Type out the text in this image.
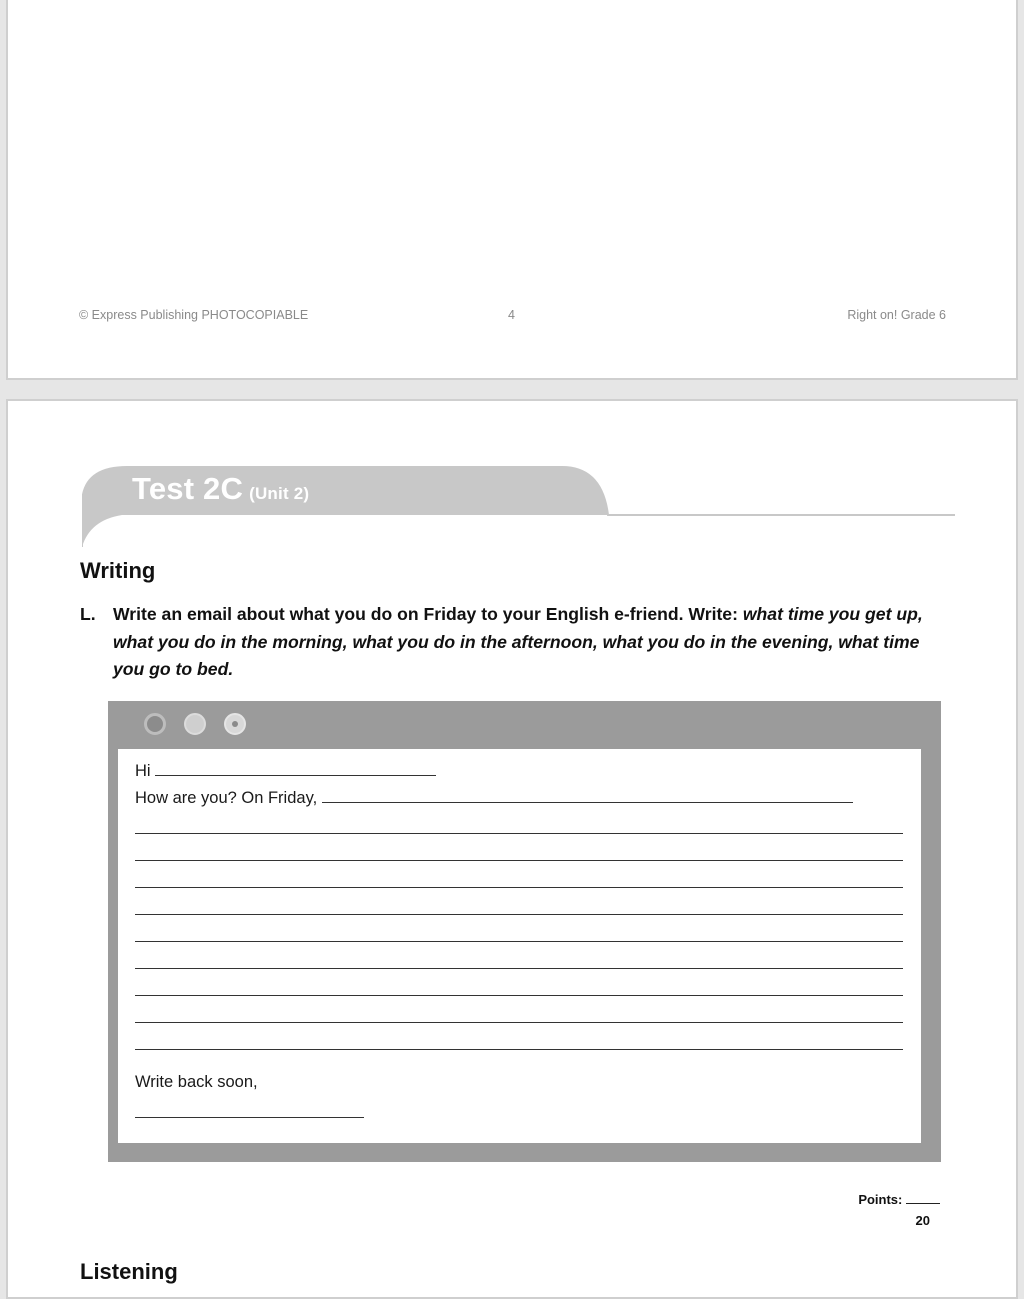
© Express Publishing PHOTOCOPIABLE	4	Right on! Grade 6
Test 2C (Unit 2)
Writing
L. Write an email about what you do on Friday to your English e-friend. Write: what time you get up, what you do in the morning, what you do in the afternoon, what you do in the evening, what time you go to bed.
Hi
How are you? On Friday,
Write back soon,
Points:
20
Listening
